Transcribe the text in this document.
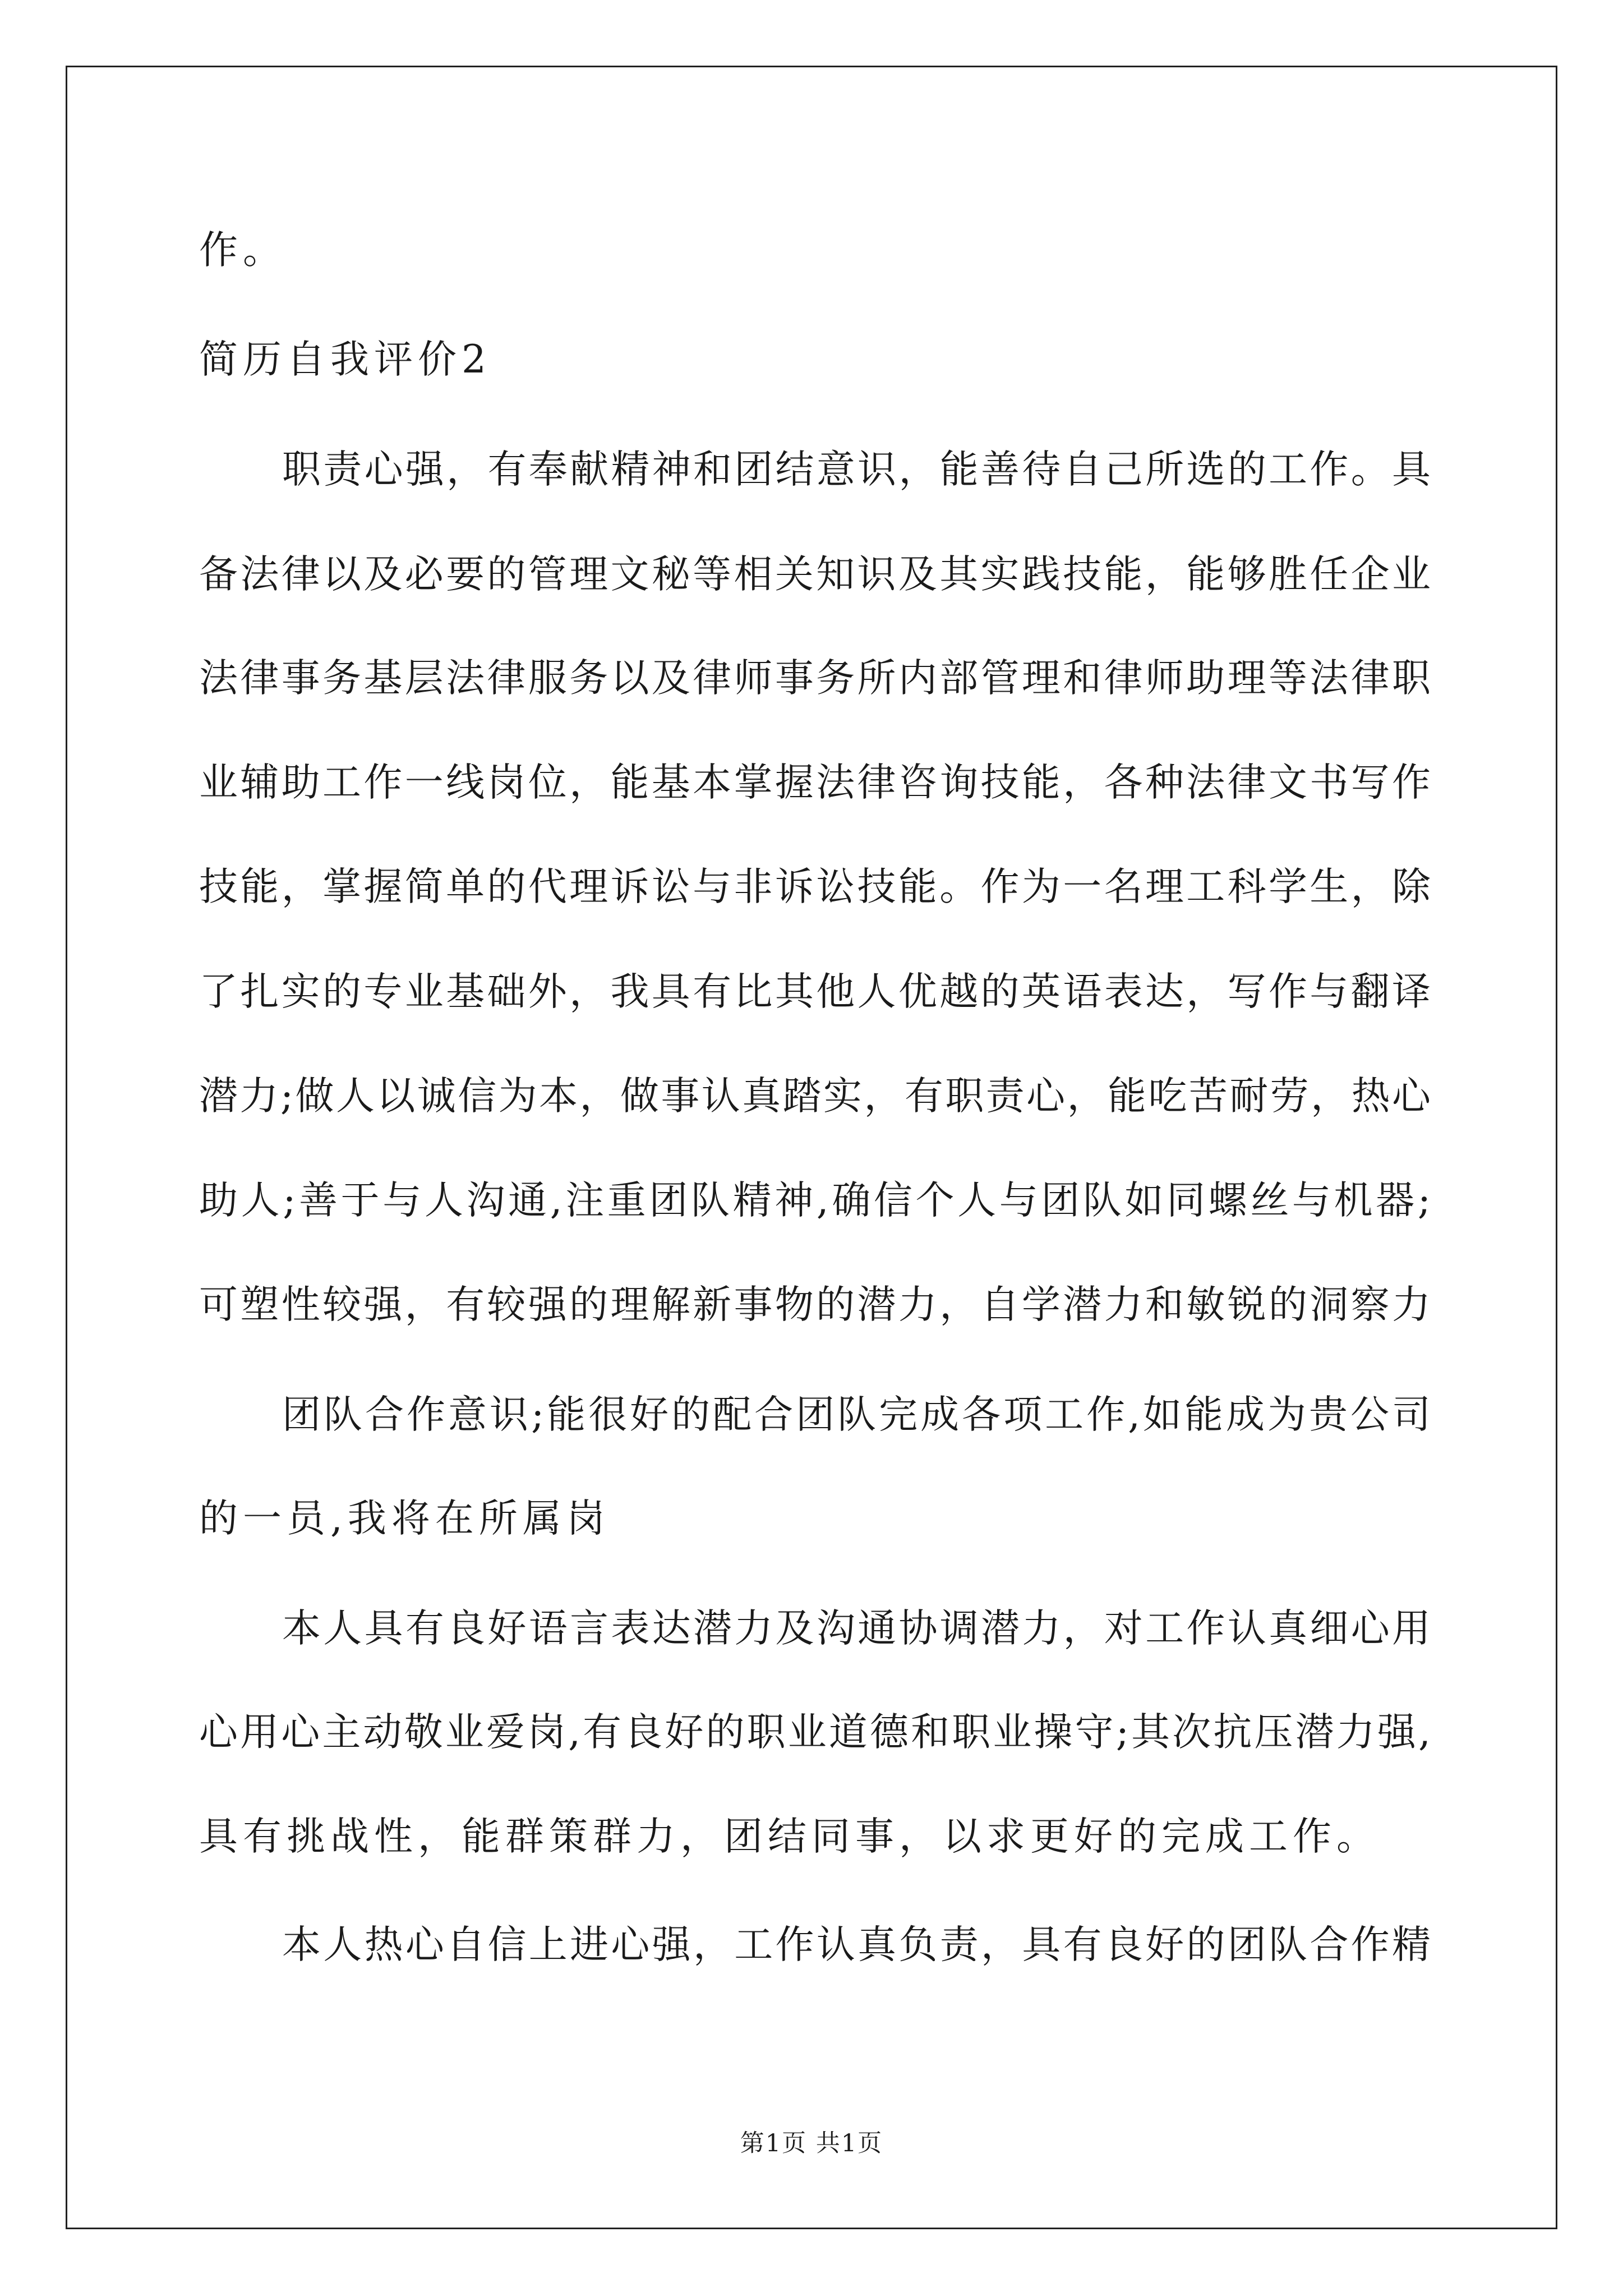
作。
简历自我评价2
职责心强，有奉献精神和团结意识，能善待自己所选的工作。具
备法律以及必要的管理文秘等相关知识及其实践技能，能够胜任企业
法律事务基层法律服务以及律师事务所内部管理和律师助理等法律职
业辅助工作一线岗位，能基本掌握法律咨询技能，各种法律文书写作
技能，掌握简单的代理诉讼与非诉讼技能。作为一名理工科学生，除
了扎实的专业基础外，我具有比其他人优越的英语表达，写作与翻译
潜力;做人以诚信为本，做事认真踏实，有职责心，能吃苦耐劳，热心
助人;善于与人沟通,注重团队精神,确信个人与团队如同螺丝与机器;
可塑性较强，有较强的理解新事物的潜力，自学潜力和敏锐的洞察力
团队合作意识;能很好的配合团队完成各项工作,如能成为贵公司
的一员,我将在所属岗
本人具有良好语言表达潜力及沟通协调潜力，对工作认真细心用
心用心主动敬业爱岗,有良好的职业道德和职业操守;其次抗压潜力强,
具有挑战性，能群策群力，团结同事，以求更好的完成工作。
本人热心自信上进心强，工作认真负责，具有良好的团队合作精
第1页 共1页
